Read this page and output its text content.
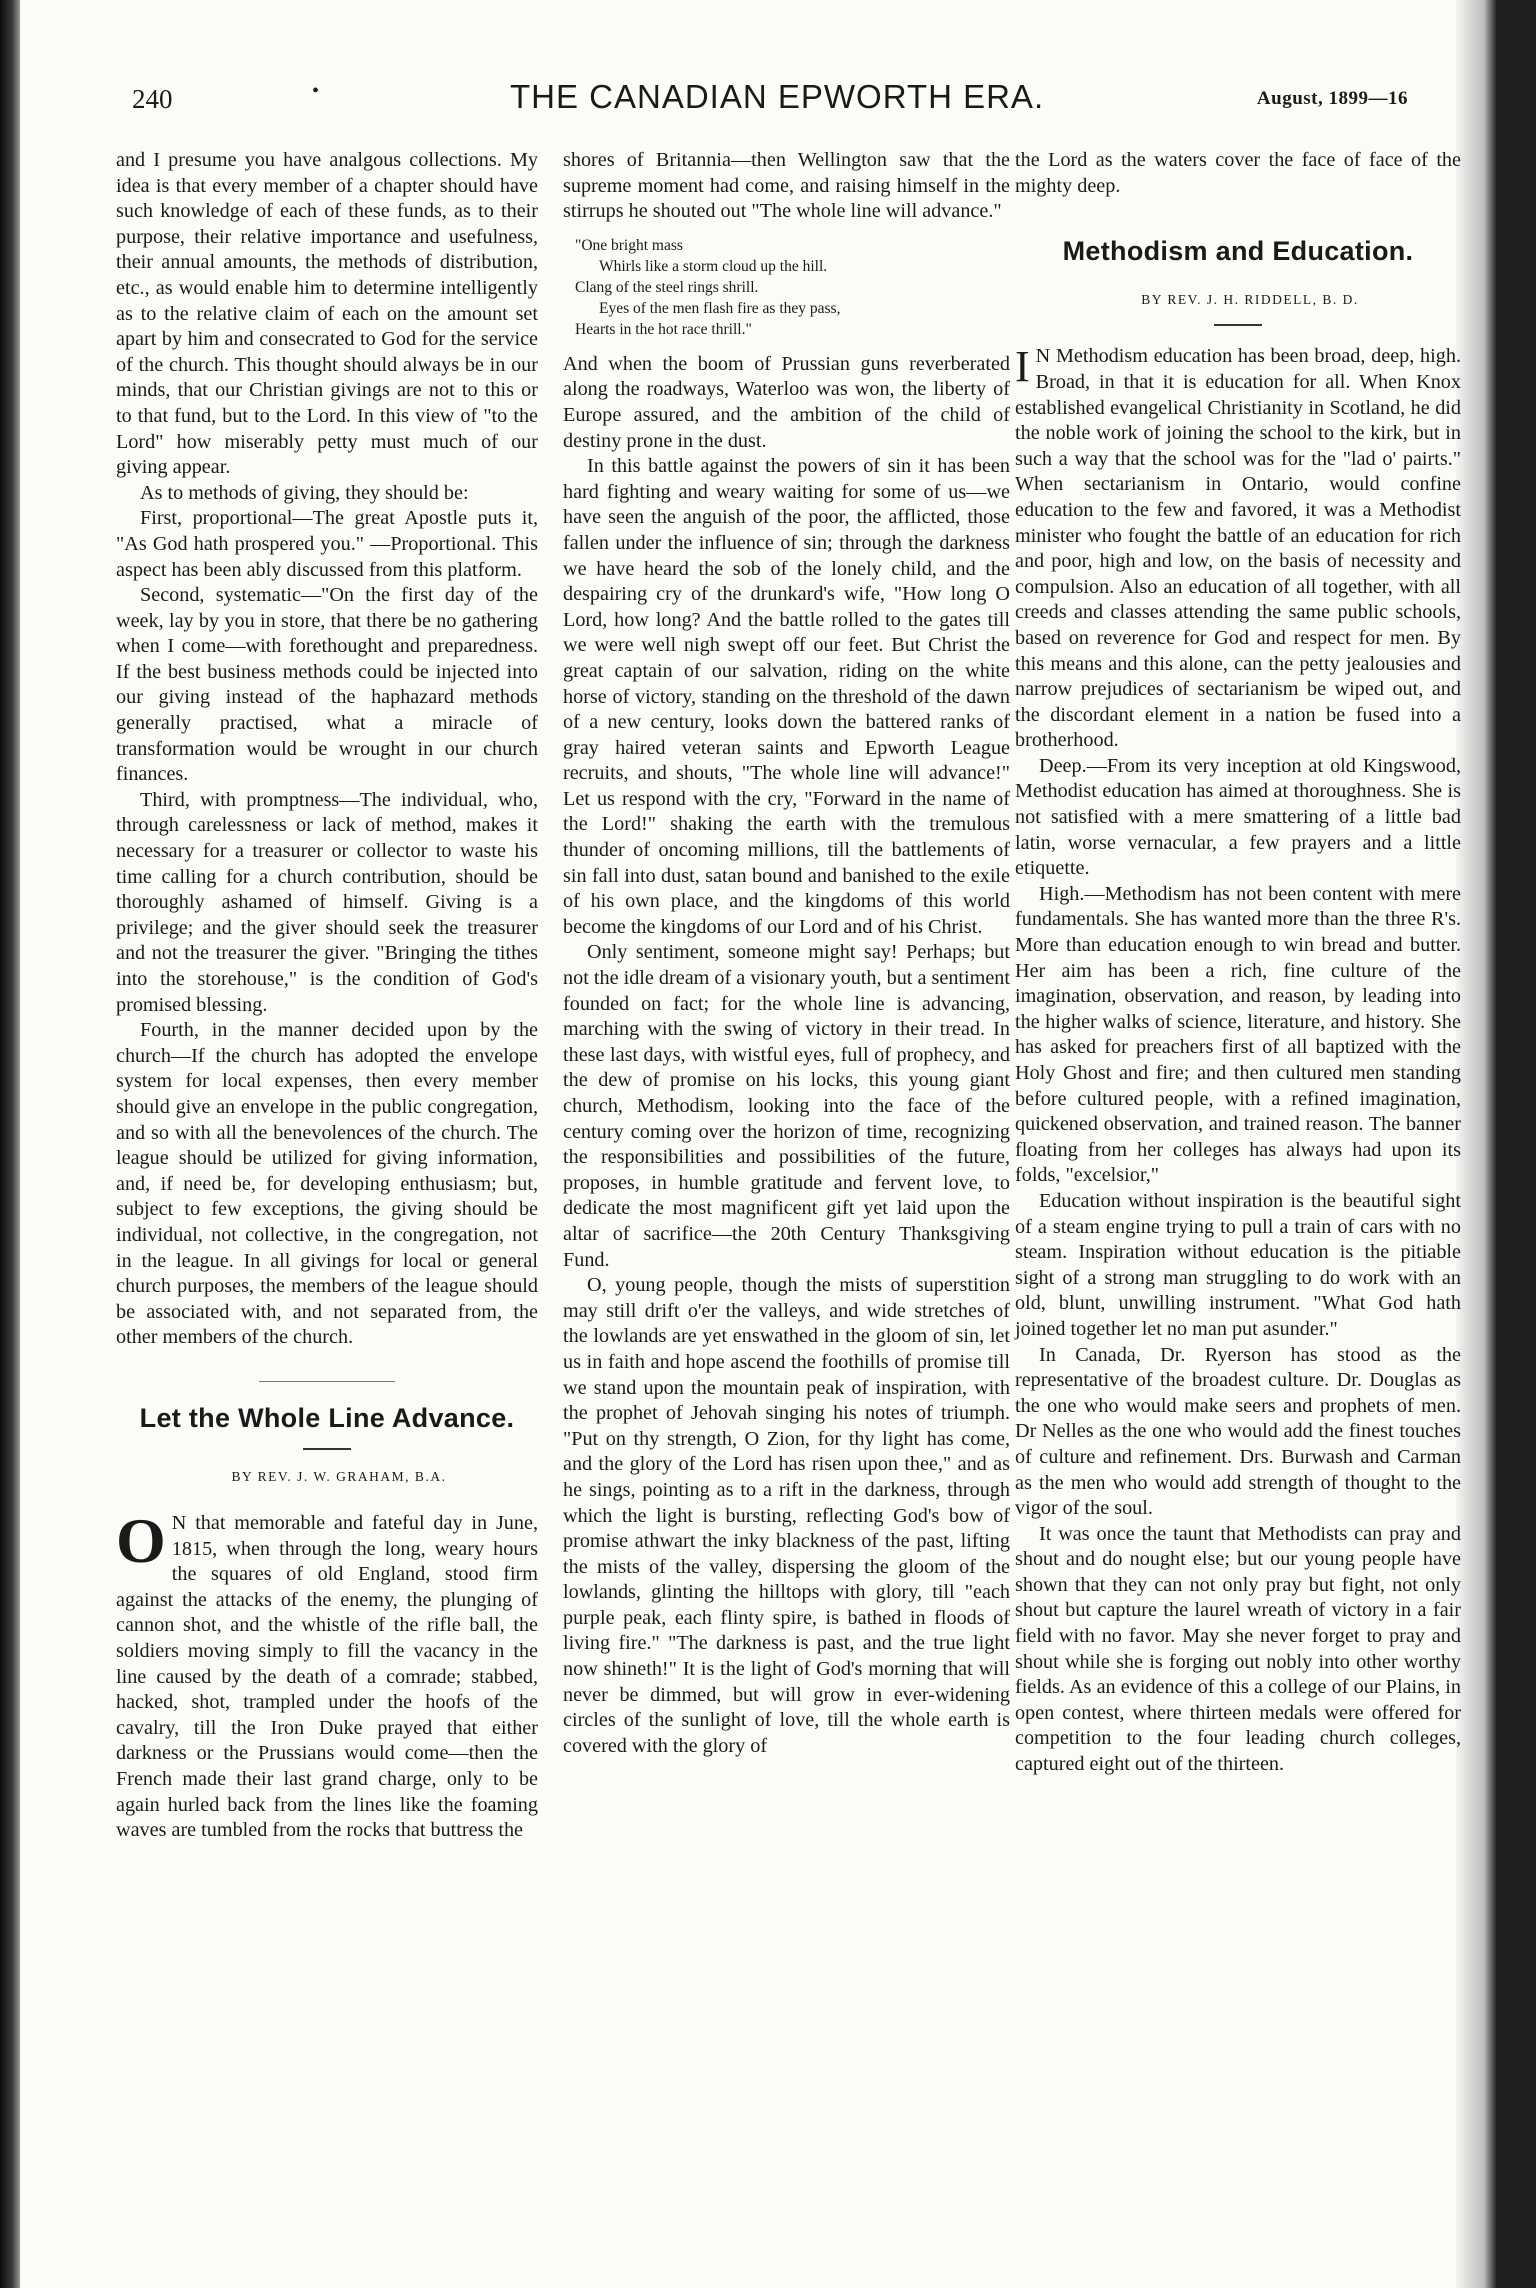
240	•	THE CANADIAN EPWORTH ERA.	August, 1899—16

and I presume you have analgous collections. My idea is that every member of a chapter should have such knowledge of each of these funds, as to their purpose, their relative importance and usefulness, their annual amounts, the methods of distribution, etc., as would enable him to determine intelligently as to the relative claim of each on the amount set apart by him and consecrated to God for the service of the church. This thought should always be in our minds, that our Christian givings are not to this or to that fund, but to the Lord. In this view of "to the Lord" how miserably petty must much of our giving appear.

As to methods of giving, they should be:

First, proportional—The great Apostle puts it, "As God hath prospered you." —Proportional. This aspect has been ably discussed from this platform.

Second, systematic—"On the first day of the week, lay by you in store, that there be no gathering when I come—with forethought and preparedness. If the best business methods could be injected into our giving instead of the haphazard methods generally practised, what a miracle of transformation would be wrought in our church finances.

Third, with promptness—The individual, who, through carelessness or lack of method, makes it necessary for a treasurer or collector to waste his time calling for a church contribution, should be thoroughly ashamed of himself. Giving is a privilege; and the giver should seek the treasurer and not the treasurer the giver. "Bringing the tithes into the storehouse," is the condition of God's promised blessing.

Fourth, in the manner decided upon by the church—If the church has adopted the envelope system for local expenses, then every member should give an envelope in the public congregation, and so with all the benevolences of the church. The league should be utilized for giving information, and, if need be, for developing enthusiasm; but, subject to few exceptions, the giving should be individual, not collective, in the congregation, not in the league. In all givings for local or general church purposes, the members of the league should be associated with, and not separated from, the other members of the church.

Let the Whole Line Advance.

BY REV. J. W. GRAHAM, B.A.

O N that memorable and fateful day in June, 1815, when through the long, weary hours the squares of old England, stood firm against the attacks of the enemy, the plunging of cannon shot, and the whistle of the rifle ball, the soldiers moving simply to fill the vacancy in the line caused by the death of a comrade; stabbed, hacked, shot, trampled under the hoofs of the cavalry, till the Iron Duke prayed that either darkness or the Prussians would come—then the French made their last grand charge, only to be again hurled back from the lines like the foaming waves are tumbled from the rocks that buttress the

shores of Britannia—then Wellington saw that the supreme moment had come, and raising himself in the stirrups he shouted out "The whole line will advance."

"One bright mass
Whirls like a storm cloud up the hill.
Clang of the steel rings shrill.
Eyes of the men flash fire as they pass,
Hearts in the hot race thrill."

And when the boom of Prussian guns reverberated along the roadways, Waterloo was won, the liberty of Europe assured, and the ambition of the child of destiny prone in the dust.

In this battle against the powers of sin it has been hard fighting and weary waiting for some of us—we have seen the anguish of the poor, the afflicted, those fallen under the influence of sin; through the darkness we have heard the sob of the lonely child, and the despairing cry of the drunkard's wife, "How long O Lord, how long? And the battle rolled to the gates till we were well nigh swept off our feet. But Christ the great captain of our salvation, riding on the white horse of victory, standing on the threshold of the dawn of a new century, looks down the battered ranks of gray haired veteran saints and Epworth League recruits, and shouts, "The whole line will advance!" Let us respond with the cry, "Forward in the name of the Lord!" shaking the earth with the tremulous thunder of oncoming millions, till the battlements of sin fall into dust, satan bound and banished to the exile of his own place, and the kingdoms of this world become the kingdoms of our Lord and of his Christ.

Only sentiment, someone might say! Perhaps; but not the idle dream of a visionary youth, but a sentiment founded on fact; for the whole line is advancing, marching with the swing of victory in their tread. In these last days, with wistful eyes, full of prophecy, and the dew of promise on his locks, this young giant church, Methodism, looking into the face of the century coming over the horizon of time, recognizing the responsibilities and possibilities of the future, proposes, in humble gratitude and fervent love, to dedicate the most magnificent gift yet laid upon the altar of sacrifice—the 20th Century Thanksgiving Fund.

O, young people, though the mists of superstition may still drift o'er the valleys, and wide stretches of the lowlands are yet enswathed in the gloom of sin, let us in faith and hope ascend the foothills of promise till we stand upon the mountain peak of inspiration, with the prophet of Jehovah singing his notes of triumph. "Put on thy strength, O Zion, for thy light has come, and the glory of the Lord has risen upon thee," and as he sings, pointing as to a rift in the darkness, through which the light is bursting, reflecting God's bow of promise athwart the inky blackness of the past, lifting the mists of the valley, dispersing the gloom of the lowlands, glinting the hilltops with glory, till "each purple peak, each flinty spire, is bathed in floods of living fire." "The darkness is past, and the true light now shineth!" It is the light of God's morning that will never be dimmed, but will grow in ever-widening circles of the sunlight of love, till the whole earth is covered with the glory of

the Lord as the waters cover the face of face of the mighty deep.

Methodism and Education.

BY REV. J. H. RIDDELL, B. D.

I N Methodism education has been broad, deep, high. Broad, in that it is education for all. When Knox established evangelical Christianity in Scotland, he did the noble work of joining the school to the kirk, but in such a way that the school was for the "lad o' pairts." When sectarianism in Ontario, would confine education to the few and favored, it was a Methodist minister who fought the battle of an education for rich and poor, high and low, on the basis of necessity and compulsion. Also an education of all together, with all creeds and classes attending the same public schools, based on reverence for God and respect for men. By this means and this alone, can the petty jealousies and narrow prejudices of sectarianism be wiped out, and the discordant element in a nation be fused into a brotherhood.

Deep.—From its very inception at old Kingswood, Methodist education has aimed at thoroughness. She is not satisfied with a mere smattering of a little bad latin, worse vernacular, a few prayers and a little etiquette.

High.—Methodism has not been content with mere fundamentals. She has wanted more than the three R's. More than education enough to win bread and butter. Her aim has been a rich, fine culture of the imagination, observation, and reason, by leading into the higher walks of science, literature, and history. She has asked for preachers first of all baptized with the Holy Ghost and fire; and then cultured men standing before cultured people, with a refined imagination, quickened observation, and trained reason. The banner floating from her colleges has always had upon its folds, "excelsior,"

Education without inspiration is the beautiful sight of a steam engine trying to pull a train of cars with no steam. Inspiration without education is the pitiable sight of a strong man struggling to do work with an old, blunt, unwilling instrument. "What God hath joined together let no man put asunder."

In Canada, Dr. Ryerson has stood as the representative of the broadest culture. Dr. Douglas as the one who would make seers and prophets of men. Dr Nelles as the one who would add the finest touches of culture and refinement. Drs. Burwash and Carman as the men who would add strength of thought to the vigor of the soul.

It was once the taunt that Methodists can pray and shout and do nought else; but our young people have shown that they can not only pray but fight, not only shout but capture the laurel wreath of victory in a fair field with no favor. May she never forget to pray and shout while she is forging out nobly into other worthy fields. As an evidence of this a college of our Plains, in open contest, where thirteen medals were offered for competition to the four leading church colleges, captured eight out of the thirteen.
